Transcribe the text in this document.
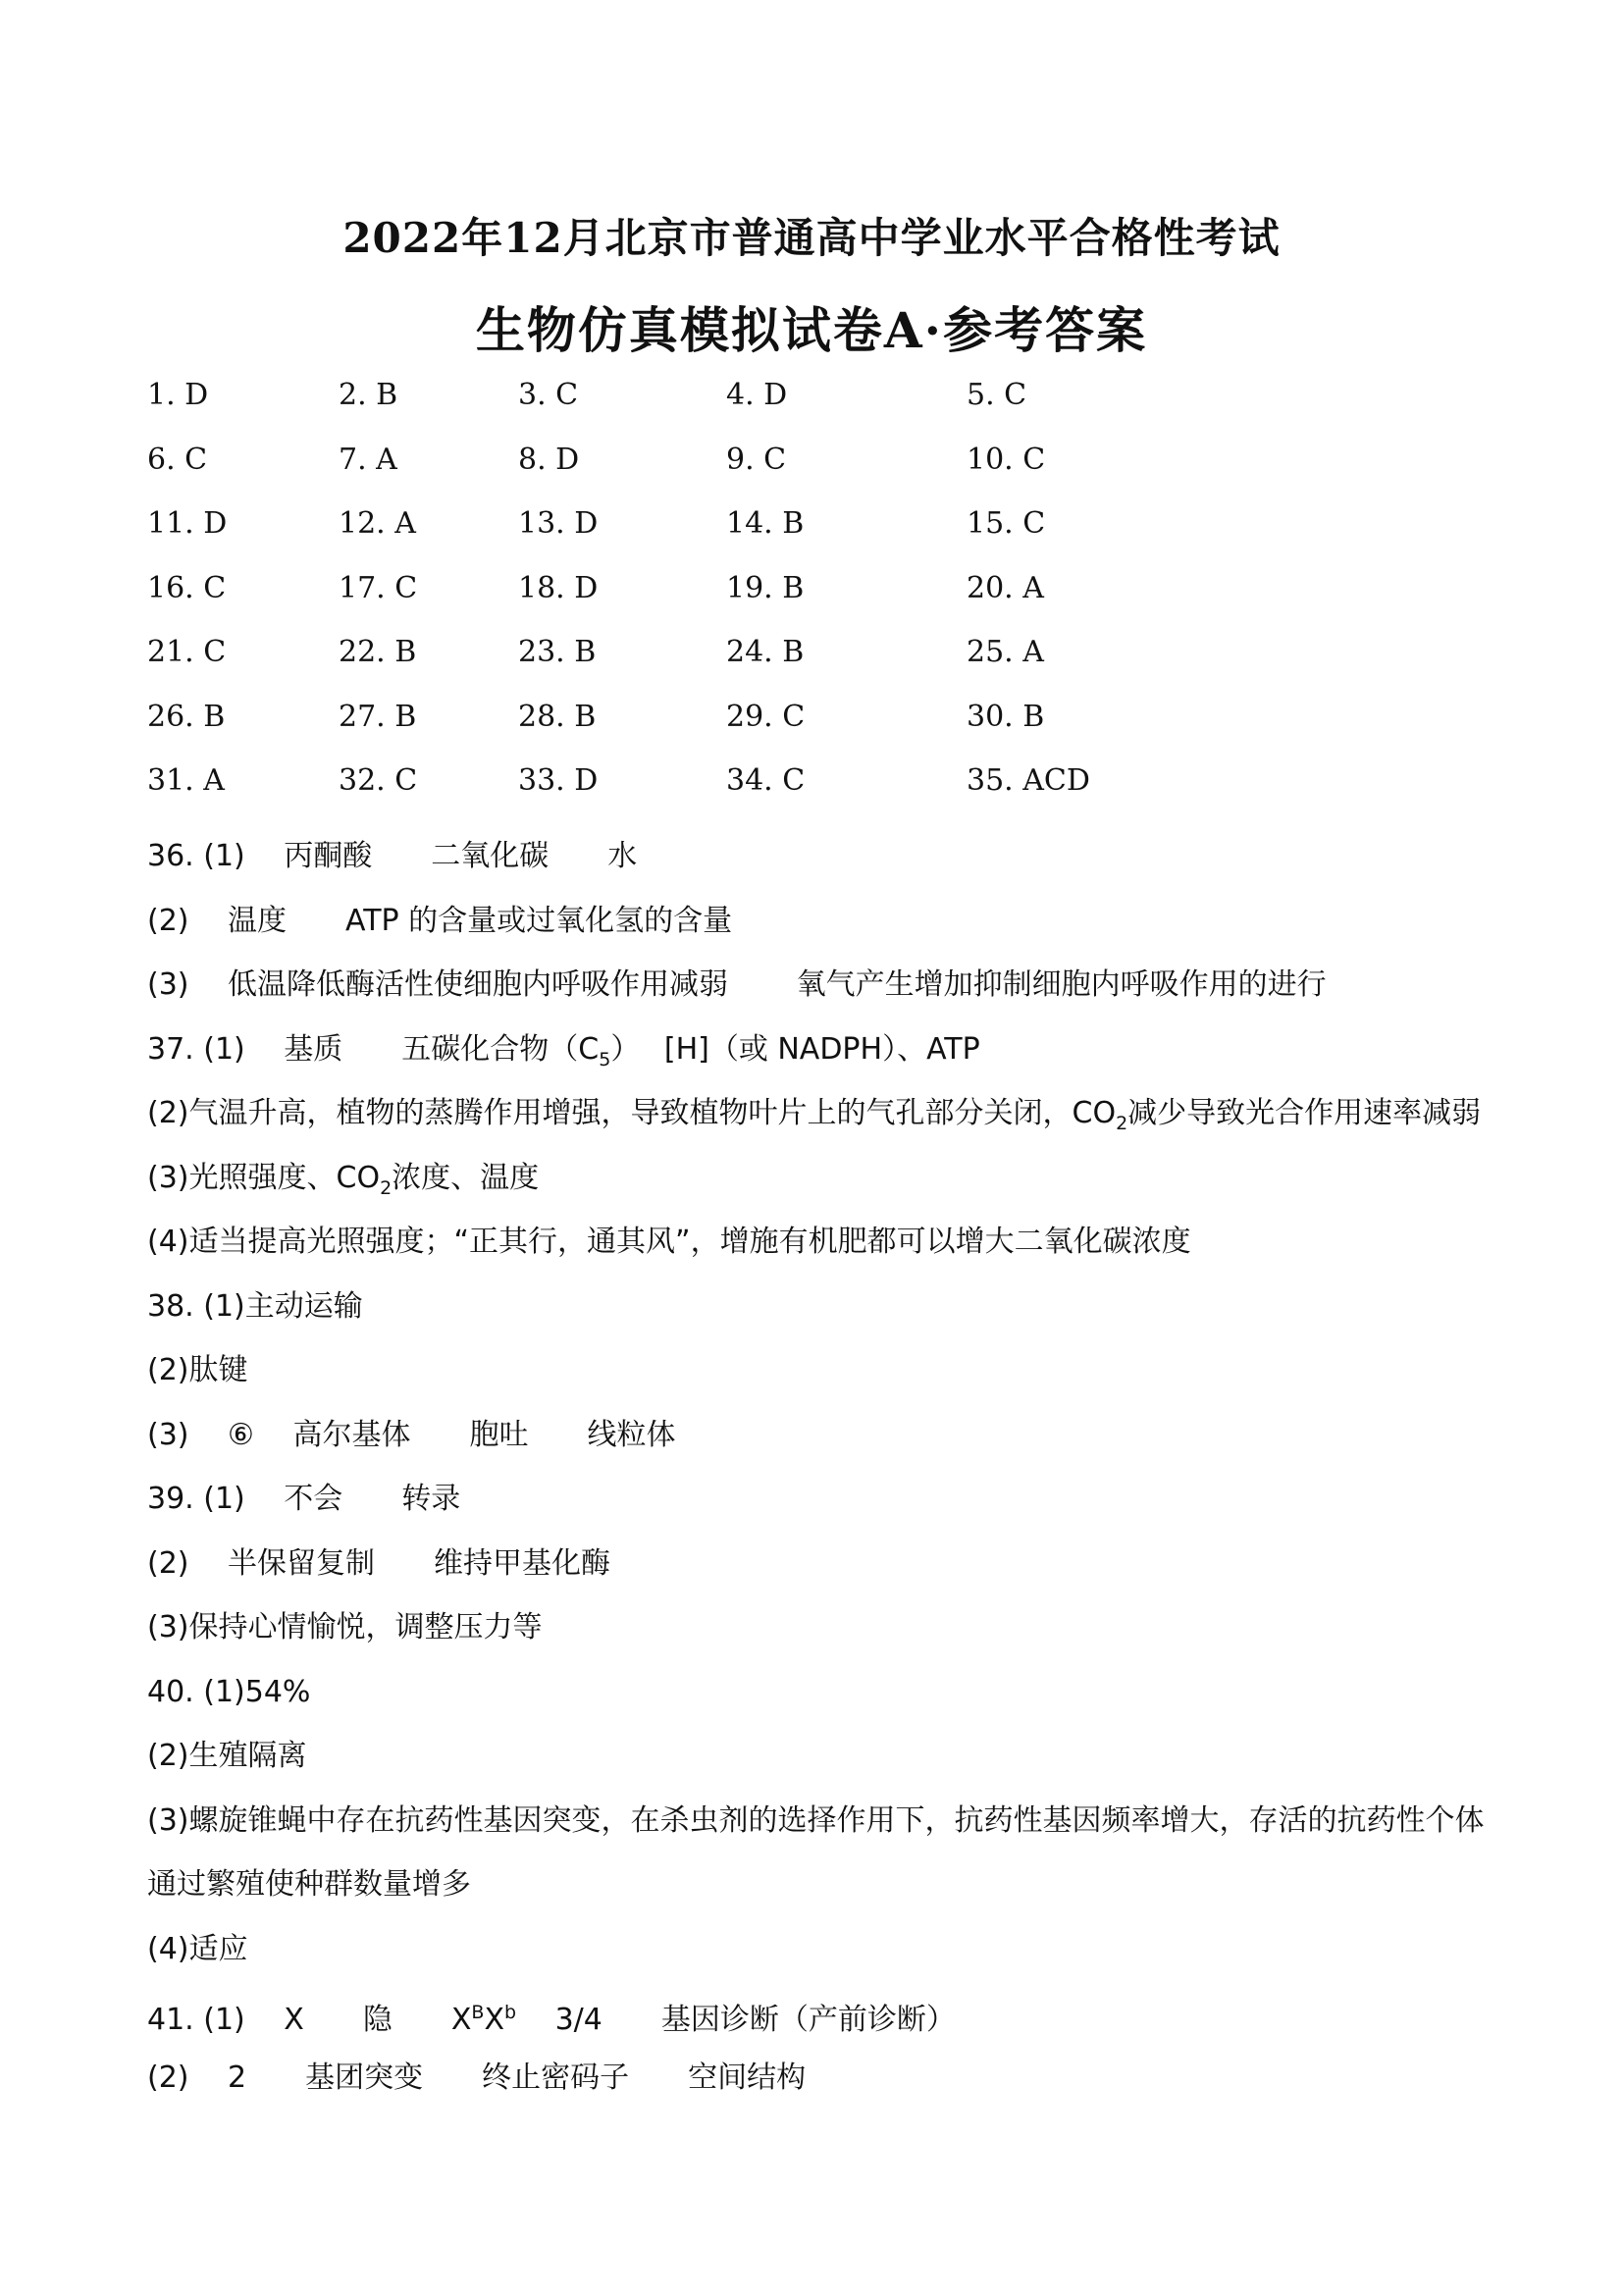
2022年12月北京市普通高中学业水平合格性考试
生物仿真模拟试卷A·参考答案
1. D	2. B	3. C	4. D	5. C
6. C	7. A	8. D	9. C	10. C
11. D	12. A	13. D	14. B	15. C
16. C	17. C	18. D	19. B	20. A
21. C	22. B	23. B	24. B	25. A
26. B	27. B	28. B	29. C	30. B
31. A	32. C	33. D	34. C	35. ACD
36. (1)　 丙酮酸　　二氧化碳　　水
(2)　 温度　　ATP 的含量或过氧化氢的含量
(3)　 低温降低酶活性使细胞内呼吸作用减弱　　 氧气产生增加抑制细胞内呼吸作用的进行
37. (1)　 基质　　五碳化合物$(C_5)$　 [H]（或 NADPH）、ATP
(2)气温升高，植物的蒸腾作用增强，导致植物叶片上的气孔部分关闭，$CO_2$减少导致光合作用速率减弱
(3)光照强度、$CO_2$浓度、温度
(4)适当提高光照强度；“正其行，通其风”，增施有机肥都可以增大二氧化碳浓度
38. (1)主动运输
(2)肽键
(3)　 ⑥　 高尔基体　　胞吐　　线粒体
39. (1)　 不会　　转录
(2)　 半保留复制　　维持甲基化酶
(3)保持心情愉悦，调整压力等
40. (1)54%
(2)生殖隔离
(3)螺旋锥蝇中存在抗药性基因突变，在杀虫剂的选择作用下，抗药性基因频率增大，存活的抗药性个体通过繁殖使种群数量增多
(4)适应
41. (1)　 X　　隐　　$X^BX^b$　 3/4　　基因诊断（产前诊断）
(2)　 2　　基团突变　　终止密码子　　空间结构
